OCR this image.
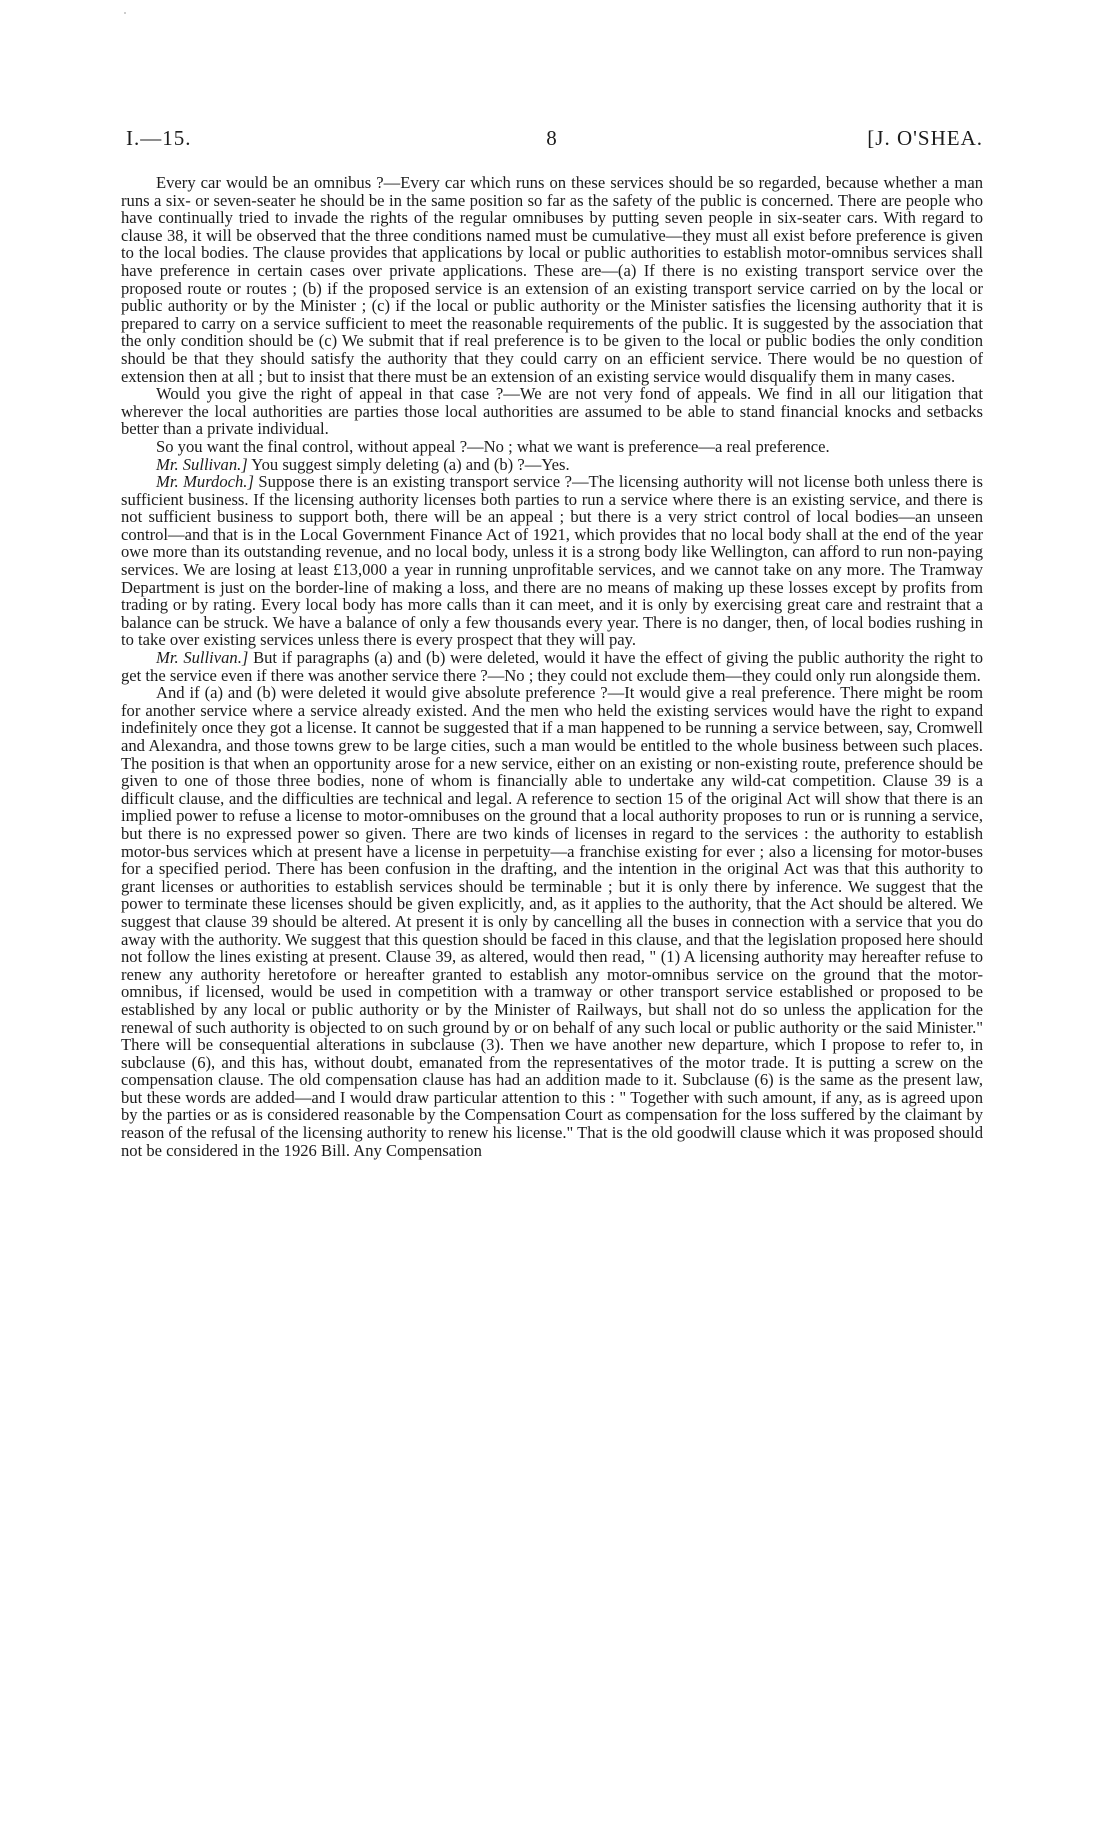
I.—15.	8	[J. O'SHEA.

Every car would be an omnibus ?—Every car which runs on these services should be so regarded, because whether a man runs a six- or seven-seater he should be in the same position so far as the safety of the public is concerned. There are people who have continually tried to invade the rights of the regular omnibuses by putting seven people in six-seater cars. With regard to clause 38, it will be observed that the three conditions named must be cumulative—they must all exist before preference is given to the local bodies. The clause provides that applications by local or public authorities to establish motor-omnibus services shall have preference in certain cases over private applications. These are—(a) If there is no existing transport service over the proposed route or routes ; (b) if the proposed service is an extension of an existing transport service carried on by the local or public authority or by the Minister ; (c) if the local or public authority or the Minister satisfies the licensing authority that it is prepared to carry on a service sufficient to meet the reasonable requirements of the public. It is suggested by the association that the only condition should be (c) We submit that if real preference is to be given to the local or public bodies the only condition should be that they should satisfy the authority that they could carry on an efficient service. There would be no question of extension then at all ; but to insist that there must be an extension of an existing service would disqualify them in many cases.

Would you give the right of appeal in that case ?—We are not very fond of appeals. We find in all our litigation that wherever the local authorities are parties those local authorities are assumed to be able to stand financial knocks and setbacks better than a private individual.

So you want the final control, without appeal ?—No ; what we want is preference—a real preference.

Mr. Sullivan.] You suggest simply deleting (a) and (b) ?—Yes.

Mr. Murdoch.] Suppose there is an existing transport service ?—The licensing authority will not license both unless there is sufficient business. If the licensing authority licenses both parties to run a service where there is an existing service, and there is not sufficient business to support both, there will be an appeal ; but there is a very strict control of local bodies—an unseen control—and that is in the Local Government Finance Act of 1921, which provides that no local body shall at the end of the year owe more than its outstanding revenue, and no local body, unless it is a strong body like Wellington, can afford to run non-paying services. We are losing at least £13,000 a year in running unprofitable services, and we cannot take on any more. The Tramway Department is just on the border-line of making a loss, and there are no means of making up these losses except by profits from trading or by rating. Every local body has more calls than it can meet, and it is only by exercising great care and restraint that a balance can be struck. We have a balance of only a few thousands every year. There is no danger, then, of local bodies rushing in to take over existing services unless there is every prospect that they will pay.

Mr. Sullivan.] But if paragraphs (a) and (b) were deleted, would it have the effect of giving the public authority the right to get the service even if there was another service there ?—No ; they could not exclude them—they could only run alongside them.

And if (a) and (b) were deleted it would give absolute preference ?—It would give a real preference. There might be room for another service where a service already existed. And the men who held the existing services would have the right to expand indefinitely once they got a license. It cannot be suggested that if a man happened to be running a service between, say, Cromwell and Alexandra, and those towns grew to be large cities, such a man would be entitled to the whole business between such places. The position is that when an opportunity arose for a new service, either on an existing or non-existing route, preference should be given to one of those three bodies, none of whom is financially able to undertake any wild-cat competition. Clause 39 is a difficult clause, and the difficulties are technical and legal. A reference to section 15 of the original Act will show that there is an implied power to refuse a license to motor-omnibuses on the ground that a local authority proposes to run or is running a service, but there is no expressed power so given. There are two kinds of licenses in regard to the services : the authority to establish motor-bus services which at present have a license in perpetuity—a franchise existing for ever ; also a licensing for motor-buses for a specified period. There has been confusion in the drafting, and the intention in the original Act was that this authority to grant licenses or authorities to establish services should be terminable ; but it is only there by inference. We suggest that the power to terminate these licenses should be given explicitly, and, as it applies to the authority, that the Act should be altered. We suggest that clause 39 should be altered. At present it is only by cancelling all the buses in connection with a service that you do away with the authority. We suggest that this question should be faced in this clause, and that the legislation proposed here should not follow the lines existing at present. Clause 39, as altered, would then read, " (1) A licensing authority may hereafter refuse to renew any authority heretofore or hereafter granted to establish any motor-omnibus service on the ground that the motor-omnibus, if licensed, would be used in competition with a tramway or other transport service established or proposed to be established by any local or public authority or by the Minister of Railways, but shall not do so unless the application for the renewal of such authority is objected to on such ground by or on behalf of any such local or public authority or the said Minister." There will be consequential alterations in subclause (3). Then we have another new departure, which I propose to refer to, in subclause (6), and this has, without doubt, emanated from the representatives of the motor trade. It is putting a screw on the compensation clause. The old compensation clause has had an addition made to it. Subclause (6) is the same as the present law, but these words are added—and I would draw particular attention to this : " Together with such amount, if any, as is agreed upon by the parties or as is considered reasonable by the Compensation Court as compensation for the loss suffered by the claimant by reason of the refusal of the licensing authority to renew his license." That is the old goodwill clause which it was proposed should not be considered in the 1926 Bill. Any Compensation
